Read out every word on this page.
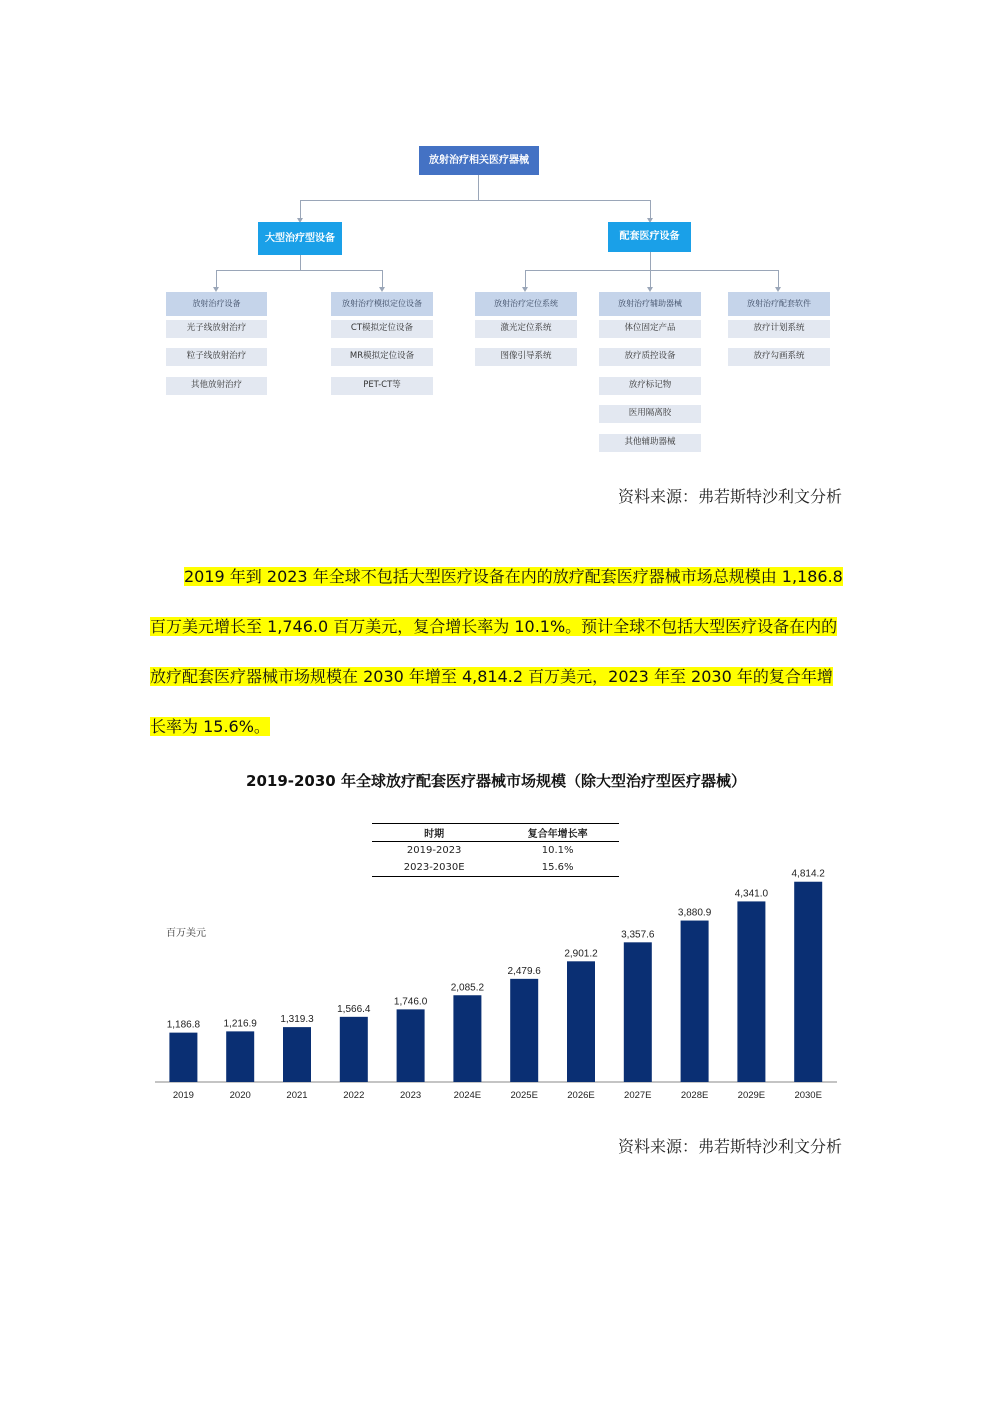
放射治疗相关医疗器械
大型治疗型设备	配套医疗设备
放射治疗设备	放射治疗模拟定位设备	放射治疗定位系统	放射治疗辅助器械	放射治疗配套软件
光子线放射治疗
粒子线放射治疗
其他放射治疗
CT模拟定位设备
MR模拟定位设备
PET-CT等
激光定位系统
图像引导系统
体位固定产品
放疗质控设备
放疗标记物
医用隔离胶
其他辅助器械
放疗计划系统
放疗勾画系统
资料来源：弗若斯特沙利文分析
2019 年到 2023 年全球不包括大型医疗设备在内的放疗配套医疗器械市场总规模由 1,186.8 百万美元增长至 1,746.0 百万美元，复合增长率为 10.1%。预计全球不包括大型医疗设备在内的放疗配套医疗器械市场规模在 2030 年增至 4,814.2 百万美元，2023 年至 2030 年的复合年增长率为 15.6%。
2019-2030 年全球放疗配套医疗器械市场规模（除大型治疗型医疗器械）
时期	复合年增长率
2019-2023	10.1%
2023-2030E	15.6%
百万美元
1,186.8
2019
1,216.9
2020
1,319.3
2021
1,566.4
2022
1,746.0
2023
2,085.2
2024E
2,479.6
2025E
2,901.2
2026E
3,357.6
2027E
3,880.9
2028E
4,341.0
2029E
4,814.2
2030E
资料来源：弗若斯特沙利文分析
